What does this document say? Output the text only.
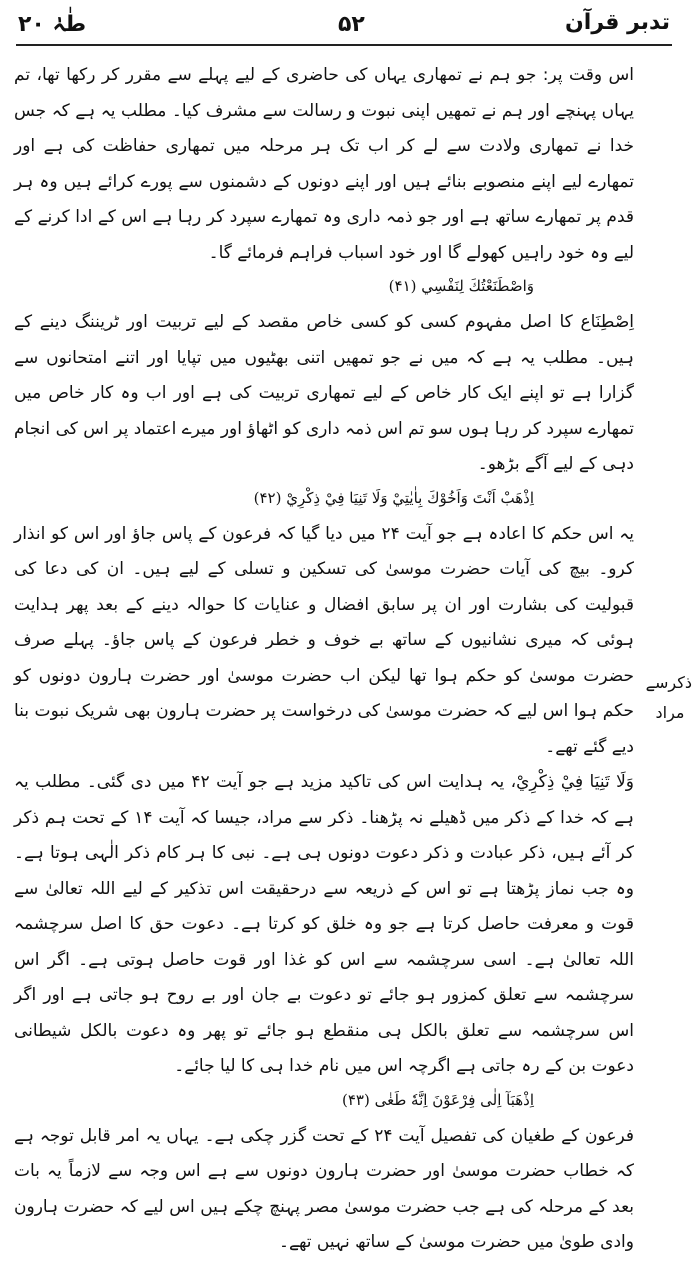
طٰہٰ ۲۰	۵۲	تدبر قرآن

اس وقت پر: جو ہم نے تمھاری یہاں کی حاضری کے لیے پہلے سے مقرر کر رکھا تھا، تم یہاں پہنچے اور ہم نے تمھیں اپنی نبوت و رسالت سے مشرف کیا۔ مطلب یہ ہے کہ جس خدا نے تمھاری ولادت سے لے کر اب تک ہر مرحلہ میں تمھاری حفاظت کی ہے اور تمھارے لیے اپنے منصوبے بنائے ہیں اور اپنے دونوں کے دشمنوں سے پورے کرائے ہیں وہ ہر قدم پر تمھارے ساتھ ہے اور جو ذمہ داری وہ تمھارے سپرد کر رہا ہے اس کے ادا کرنے کے لیے وہ خود راہیں کھولے گا اور خود اسباب فراہم فرمائے گا۔

وَاصْطَنَعْتُكَ لِنَفْسِي (۴۱)

اِصْطِنَاع کا اصل مفہوم کسی کو کسی خاص مقصد کے لیے تربیت اور ٹریننگ دینے کے ہیں۔ مطلب یہ ہے کہ میں نے جو تمھیں اتنی بھٹیوں میں تپایا اور اتنے امتحانوں سے گزارا ہے تو اپنے ایک کار خاص کے لیے تمھاری تربیت کی ہے اور اب وہ کار خاص میں تمھارے سپرد کر رہا ہوں سو تم اس ذمہ داری کو اٹھاؤ اور میرے اعتماد پر اس کی انجام دہی کے لیے آگے بڑھو۔

اِذْهَبْ اَنْتَ وَاَخُوْكَ بِاٰيٰتِيْ وَلَا تَنِيَا فِيْ ذِكْرِيْ (۴۲)

یہ اس حکم کا اعادہ ہے جو آیت ۲۴ میں دیا گیا کہ فرعون کے پاس جاؤ اور اس کو انذار کرو۔ بیچ کی آیات حضرت موسیٰ کی تسکین و تسلی کے لیے ہیں۔ ان کی دعا کی قبولیت کی بشارت اور ان پر سابق افضال و عنایات کا حوالہ دینے کے بعد پھر ہدایت ہوئی کہ میری نشانیوں کے ساتھ بے خوف و خطر فرعون کے پاس جاؤ۔ پہلے صرف حضرت موسیٰ کو حکم ہوا تھا لیکن اب حضرت موسیٰ اور حضرت ہارون دونوں کو حکم ہوا اس لیے کہ حضرت موسیٰ کی درخواست پر حضرت ہارون بھی شریک نبوت بنا دیے گئے تھے۔

وَلَا تَنِيَا فِيْ ذِكْرِيْ، یہ ہدایت اس کی تاکید مزید ہے جو آیت ۴۲ میں دی گئی۔ مطلب یہ ہے کہ خدا کے ذکر میں ڈھیلے نہ پڑھنا۔ ذکر سے مراد، جیسا کہ آیت ۱۴ کے تحت ہم ذکر کر آئے ہیں، ذکر عبادت و ذکر دعوت دونوں ہی ہے۔ نبی کا ہر کام ذکر الٰہی ہوتا ہے۔ وہ جب نماز پڑھتا ہے تو اس کے ذریعہ سے درحقیقت اس تذکیر کے لیے اللہ تعالیٰ سے قوت و معرفت حاصل کرتا ہے جو وہ خلق کو کرتا ہے۔ دعوت حق کا اصل سرچشمہ اللہ تعالیٰ ہے۔ اسی سرچشمہ سے اس کو غذا اور قوت حاصل ہوتی ہے۔ اگر اس سرچشمہ سے تعلق کمزور ہو جائے تو دعوت بے جان اور بے روح ہو جاتی ہے اور اگر اس سرچشمہ سے تعلق بالکل ہی منقطع ہو جائے تو پھر وہ دعوت بالکل شیطانی دعوت بن کے رہ جاتی ہے اگرچہ اس میں نام خدا ہی کا لیا جائے۔

اِذْهَبَآ اِلٰى فِرْعَوْنَ اِنَّهٗ طَغٰى (۴۳)

فرعون کے طغیان کی تفصیل آیت ۲۴ کے تحت گزر چکی ہے۔ یہاں یہ امر قابل توجہ ہے کہ خطاب حضرت موسیٰ اور حضرت ہارون دونوں سے ہے اس وجہ سے لازماً یہ بات بعد کے مرحلہ کی ہے جب حضرت موسیٰ مصر پہنچ چکے ہیں اس لیے کہ حضرت ہارون وادی طویٰ میں حضرت موسیٰ کے ساتھ نہیں تھے۔

ذکرسے مراد
